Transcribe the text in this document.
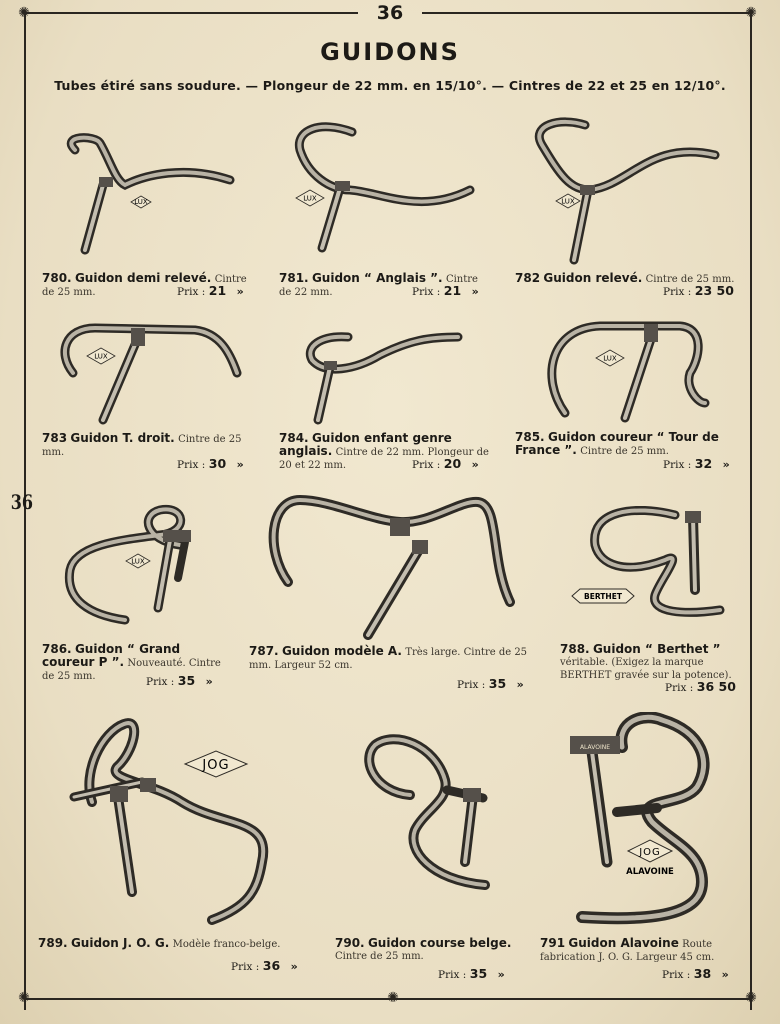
✺	✺
✺	✺	✺
36
36
GUIDONS
Tubes étiré sans soudure. — Plongeur de 22 mm. en 15/10°. — Cintres de 22 et 25 en 12/10°.
LUX
780. Guidon demi relevé. Cintre de 25 mm.	Prix : 21 »
LUX
781. Guidon “ Anglais ”. Cintre de 22 mm.	Prix : 21 »
LUX
782 Guidon relevé. Cintre de 25 mm.
Prix : 23 50
LUX
783 Guidon T. droit. Cintre de 25 mm.
Prix : 30 »
784. Guidon enfant genre anglais. Cintre de 22 mm. Plongeur de 20 et 22 mm.	Prix : 20 »
LUX
785. Guidon coureur “ Tour de France ”. Cintre de 25 mm.
Prix : 32 »
LUX
786. Guidon “ Grand coureur P ”. Nouveauté. Cintre de 25 mm.	Prix : 35 »
787. Guidon modèle A. Très large. Cintre de 25 mm. Largeur 52 cm.
Prix : 35 »
BERTHET
788. Guidon “ Berthet ” véritable. (Exigez la marque BERTHET gravée sur la potence).
Prix : 36 50
JOG
789. Guidon J. O. G. Modèle franco-belge.
Prix : 36 »
790. Guidon course belge. Cintre de 25 mm.
Prix : 35 »
ALAVOINE
JOG
ALAVOINE
791 Guidon Alavoine Route fabrication J. O. G. Largeur 45 cm.
Prix : 38 »
